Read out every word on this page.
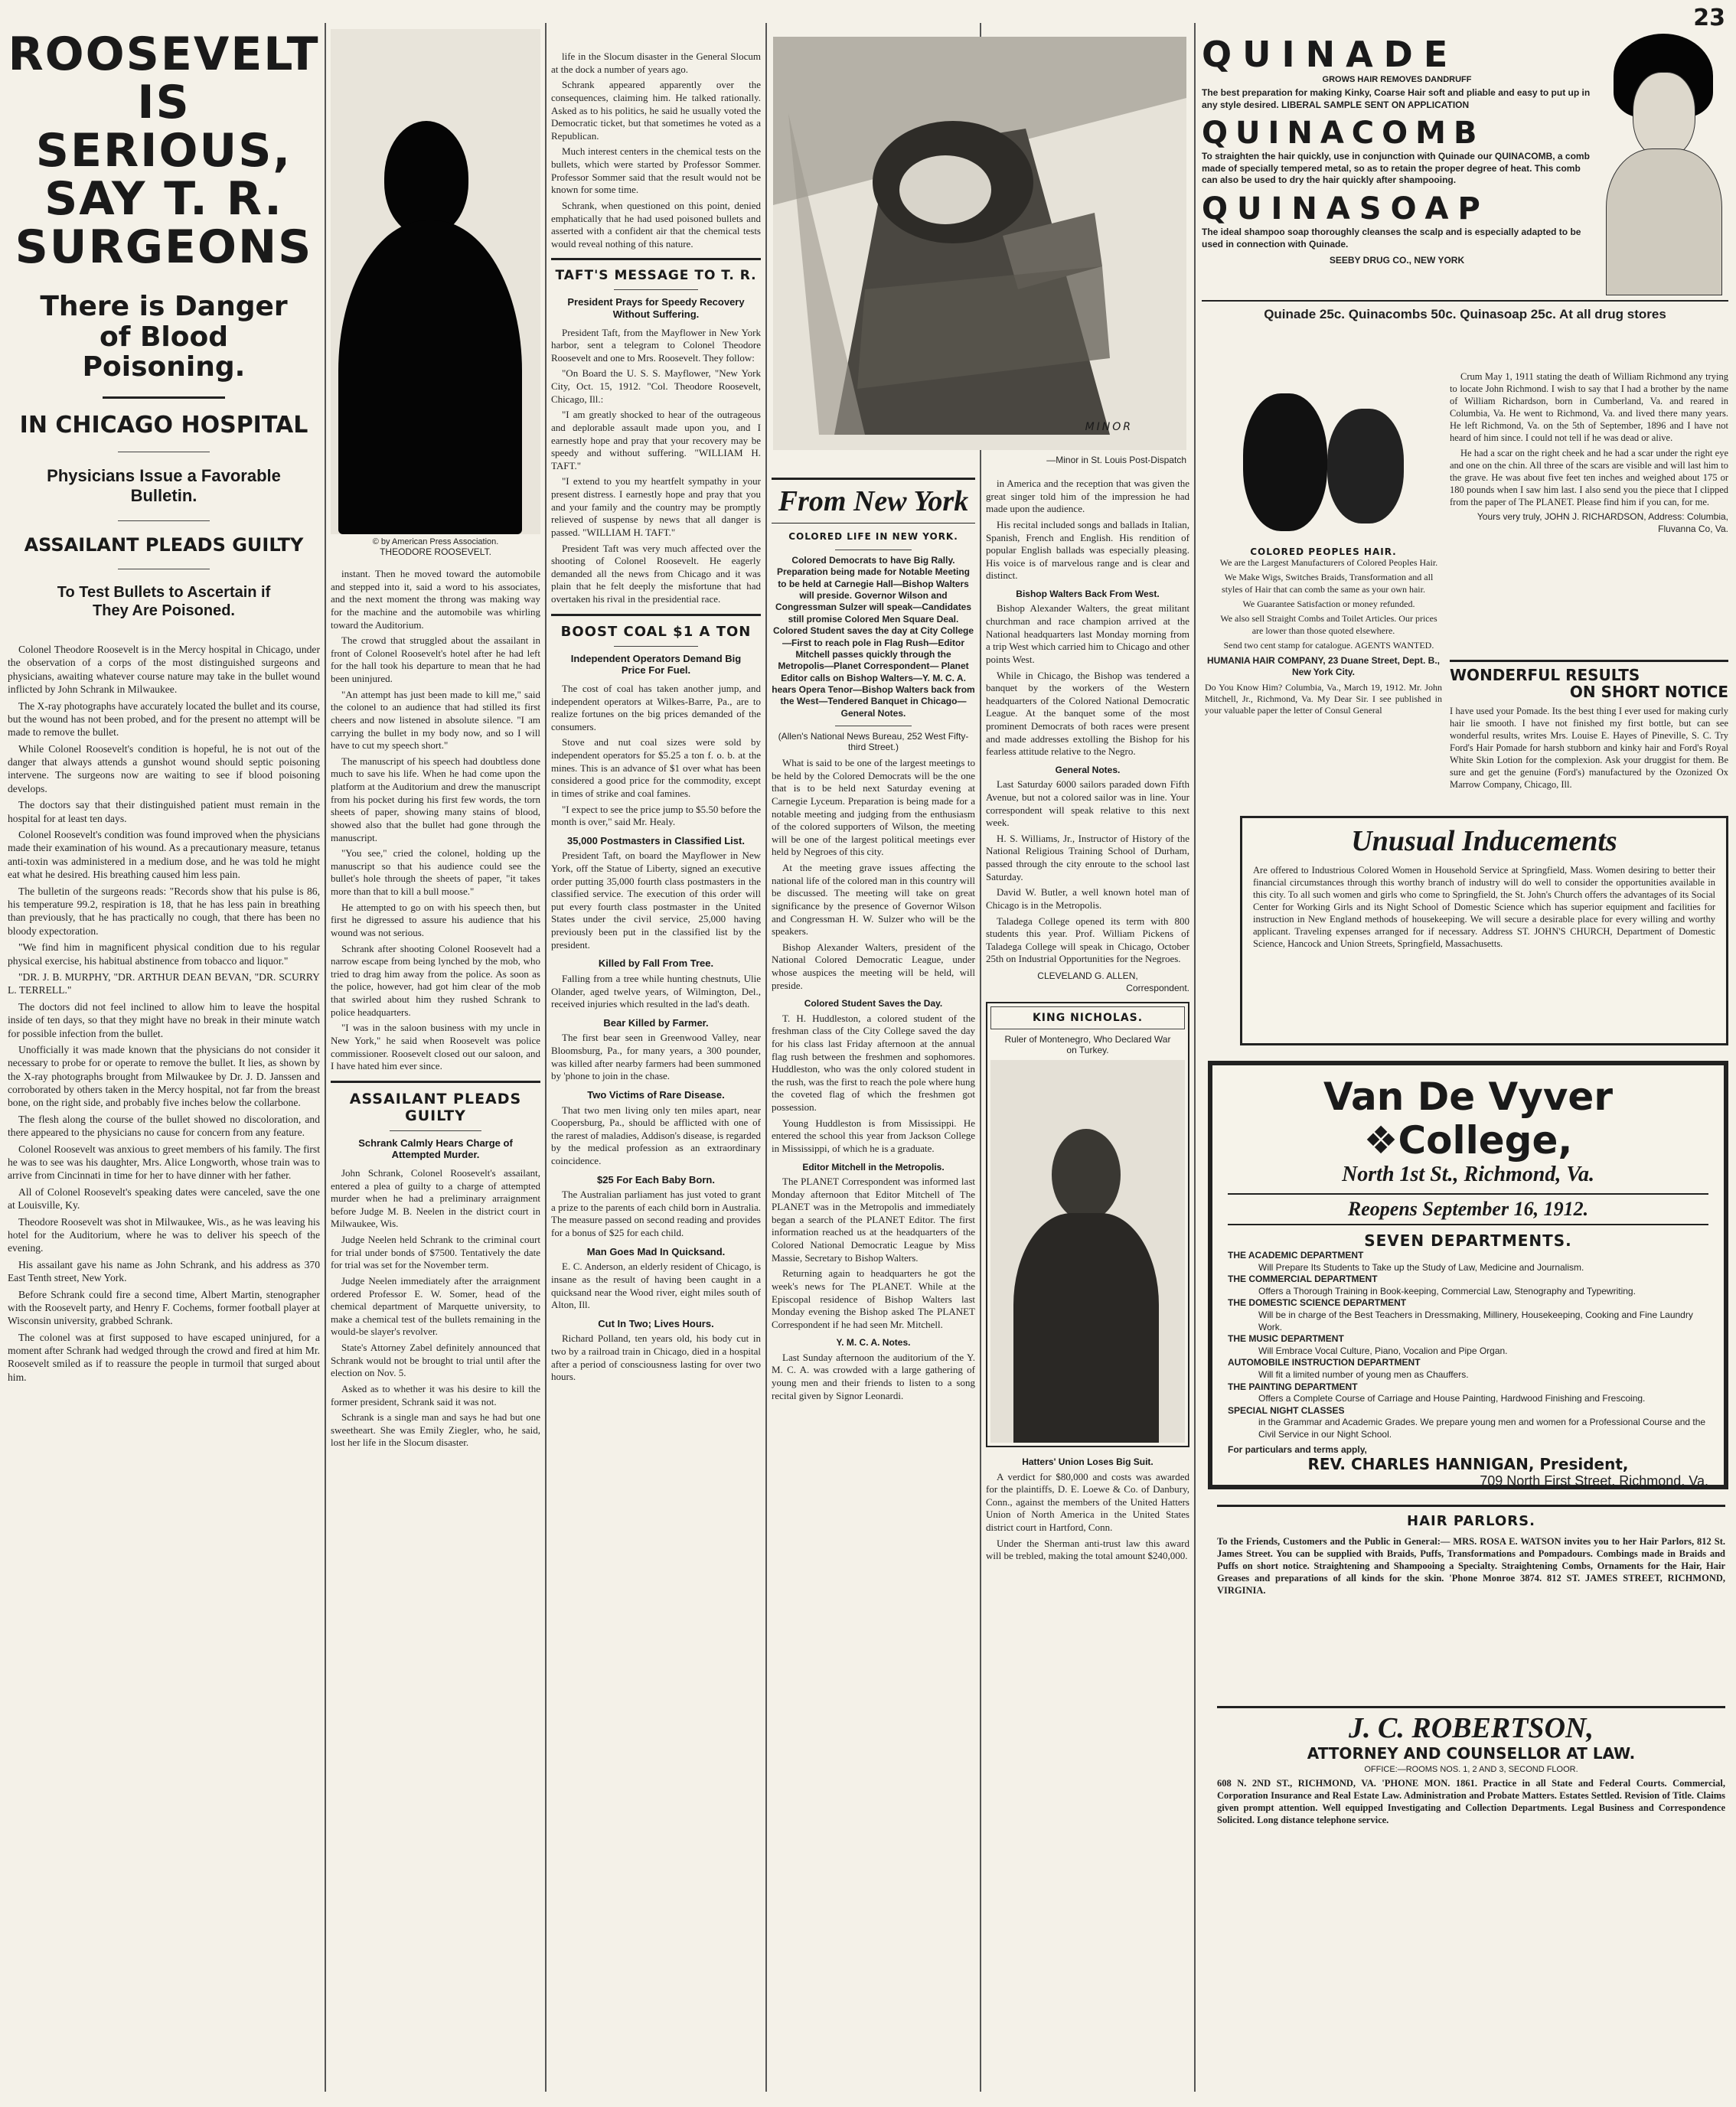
23
ROOSEVELT IS SERIOUS, SAY T. R. SURGEONS
There is Danger of Blood Poisoning.
IN CHICAGO HOSPITAL
Physicians Issue a Favorable Bulletin.
ASSAILANT PLEADS GUILTY
To Test Bullets to Ascertain if They Are Poisoned.

Colonel Theodore Roosevelt is in the Mercy hospital in Chicago, under the observation of a corps of the most distinguished surgeons and physicians, awaiting whatever course nature may take in the bullet wound inflicted by John Schrank in Milwaukee.

The X-ray photographs have accurately located the bullet and its course, but the wound has not been probed, and for the present no attempt will be made to remove the bullet.

While Colonel Roosevelt's condition is hopeful, he is not out of the danger that always attends a gunshot wound should septic poisoning intervene. The surgeons now are waiting to see if blood poisoning develops.

The doctors say that their distinguished patient must remain in the hospital for at least ten days.

Colonel Roosevelt's condition was found improved when the physicians made their examination of his wound. As a precautionary measure, tetanus anti-toxin was administered in a medium dose, and he was told he might eat what he desired. His breathing caused him less pain.

The bulletin of the surgeons reads: "Records show that his pulse is 86, his temperature 99.2, respiration is 18, that he has less pain in breathing than previously, that he has practically no cough, that there has been no bloody expectoration.

"We find him in magnificent physical condition due to his regular physical exercise, his habitual abstinence from tobacco and liquor."

"DR. J. B. MURPHY, "DR. ARTHUR DEAN BEVAN, "DR. SCURRY L. TERRELL."

The doctors did not feel inclined to allow him to leave the hospital inside of ten days, so that they might have no break in their minute watch for possible infection from the bullet.

Unofficially it was made known that the physicians do not consider it necessary to probe for or operate to remove the bullet. It lies, as shown by the X-ray photographs brought from Milwaukee by Dr. J. D. Janssen and corroborated by others taken in the Mercy hospital, not far from the breast bone, on the right side, and probably five inches below the collarbone.

The flesh along the course of the bullet showed no discoloration, and there appeared to the physicians no cause for concern from any feature.

Colonel Roosevelt was anxious to greet members of his family. The first he was to see was his daughter, Mrs. Alice Longworth, whose train was to arrive from Cincinnati in time for her to have dinner with her father.

All of Colonel Roosevelt's speaking dates were canceled, save the one at Louisville, Ky.

Theodore Roosevelt was shot in Milwaukee, Wis., as he was leaving his hotel for the Auditorium, where he was to deliver his speech of the evening.

His assailant gave his name as John Schrank, and his address as 370 East Tenth street, New York.

Before Schrank could fire a second time, Albert Martin, stenographer with the Roosevelt party, and Henry F. Cochems, former football player at Wisconsin university, grabbed Schrank.

The colonel was at first supposed to have escaped uninjured, for a moment after Schrank had wedged through the crowd and fired at him Mr. Roosevelt smiled as if to reassure the people in turmoil that surged about him.

© by American Press Association.
THEODORE ROOSEVELT.

instant. Then he moved toward the automobile and stepped into it, said a word to his associates, and the next moment the throng was making way for the machine and the automobile was whirling toward the Auditorium.

The crowd that struggled about the assailant in front of Colonel Roosevelt's hotel after he had left for the hall took his departure to mean that he had been uninjured.

"An attempt has just been made to kill me," said the colonel to an audience that had stilled its first cheers and now listened in absolute silence. "I am carrying the bullet in my body now, and so I will have to cut my speech short."

The manuscript of his speech had doubtless done much to save his life. When he had come upon the platform at the Auditorium and drew the manuscript from his pocket during his first few words, the torn sheets of paper, showing many stains of blood, showed also that the bullet had gone through the manuscript.

"You see," cried the colonel, holding up the manuscript so that his audience could see the bullet's hole through the sheets of paper, "it takes more than that to kill a bull moose."

He attempted to go on with his speech then, but first he digressed to assure his audience that his wound was not serious.

Schrank after shooting Colonel Roosevelt had a narrow escape from being lynched by the mob, who tried to drag him away from the police. As soon as the police, however, had got him clear of the mob that swirled about him they rushed Schrank to police headquarters.

"I was in the saloon business with my uncle in New York," he said when Roosevelt was police commissioner. Roosevelt closed out our saloon, and I have hated him ever since.

ASSAILANT PLEADS GUILTY
Schrank Calmly Hears Charge of Attempted Murder.

John Schrank, Colonel Roosevelt's assailant, entered a plea of guilty to a charge of attempted murder when he had a preliminary arraignment before Judge M. B. Neelen in the district court in Milwaukee, Wis.

Judge Neelen held Schrank to the criminal court for trial under bonds of $7500. Tentatively the date for trial was set for the November term.

Judge Neelen immediately after the arraignment ordered Professor E. W. Somer, head of the chemical department of Marquette university, to make a chemical test of the bullets remaining in the would-be slayer's revolver.

State's Attorney Zabel definitely announced that Schrank would not be brought to trial until after the election on Nov. 5.

Asked as to whether it was his desire to kill the former president, Schrank said it was not.

Schrank is a single man and says he had but one sweetheart. She was Emily Ziegler, who, he said, lost her life in the Slocum disaster.

life in the Slocum disaster in the General Slocum at the dock a number of years ago.

Schrank appeared apparently over the consequences, claiming him. He talked rationally. Asked as to his politics, he said he usually voted the Democratic ticket, but that sometimes he voted as a Republican.

Much interest centers in the chemical tests on the bullets, which were started by Professor Sommer. Professor Sommer said that the result would not be known for some time.

Schrank, when questioned on this point, denied emphatically that he had used poisoned bullets and asserted with a confident air that the chemical tests would reveal nothing of this nature.

TAFT'S MESSAGE TO T. R.
President Prays for Speedy Recovery Without Suffering.

President Taft, from the Mayflower in New York harbor, sent a telegram to Colonel Theodore Roosevelt and one to Mrs. Roosevelt. They follow:

"On Board the U. S. S. Mayflower, "New York City, Oct. 15, 1912. "Col. Theodore Roosevelt, Chicago, Ill.:

"I am greatly shocked to hear of the outrageous and deplorable assault made upon you, and I earnestly hope and pray that your recovery may be speedy and without suffering. "WILLIAM H. TAFT."

"I extend to you my heartfelt sympathy in your present distress. I earnestly hope and pray that you and your family and the country may be promptly relieved of suspense by news that all danger is passed. "WILLIAM H. TAFT."

President Taft was very much affected over the shooting of Colonel Roosevelt. He eagerly demanded all the news from Chicago and it was plain that he felt deeply the misfortune that had overtaken his rival in the presidential race.

BOOST COAL $1 A TON
Independent Operators Demand Big Price For Fuel.

The cost of coal has taken another jump, and independent operators at Wilkes-Barre, Pa., are to realize fortunes on the big prices demanded of the consumers.

Stove and nut coal sizes were sold by independent operators for $5.25 a ton f. o. b. at the mines. This is an advance of $1 over what has been considered a good price for the commodity, except in times of strike and coal famines.

"I expect to see the price jump to $5.50 before the month is over," said Mr. Healy.

35,000 Postmasters in Classified List.

President Taft, on board the Mayflower in New York, off the Statue of Liberty, signed an executive order putting 35,000 fourth class postmasters in the classified service. The execution of this order will put every fourth class postmaster in the United States under the civil service, 25,000 having previously been put in the classified list by the president.

Killed by Fall From Tree.

Falling from a tree while hunting chestnuts, Ulie Olander, aged twelve years, of Wilmington, Del., received injuries which resulted in the lad's death.

Bear Killed by Farmer.

The first bear seen in Greenwood Valley, near Bloomsburg, Pa., for many years, a 300 pounder, was killed after nearby farmers had been summoned by 'phone to join in the chase.

Two Victims of Rare Disease.

That two men living only ten miles apart, near Coopersburg, Pa., should be afflicted with one of the rarest of maladies, Addison's disease, is regarded by the medical profession as an extraordinary coincidence.

$25 For Each Baby Born.

The Australian parliament has just voted to grant a prize to the parents of each child born in Australia. The measure passed on second reading and provides for a bonus of $25 for each child.

Man Goes Mad In Quicksand.

E. C. Anderson, an elderly resident of Chicago, is insane as the result of having been caught in a quicksand near the Wood river, eight miles south of Alton, Ill.

Cut In Two; Lives Hours.

Richard Polland, ten years old, his body cut in two by a railroad train in Chicago, died in a hospital after a period of consciousness lasting for over two hours.

MINOR
—Minor in St. Louis Post-Dispatch
From New York
COLORED LIFE IN NEW YORK.
Colored Democrats to have Big Rally. Preparation being made for Notable Meeting to be held at Carnegie Hall—Bishop Walters will preside. Governor Wilson and Congressman Sulzer will speak—Candidates still promise Colored Men Square Deal. Colored Student saves the day at City College—First to reach pole in Flag Rush—Editor Mitchell passes quickly through the Metropolis—Planet Correspondent— Planet Editor calls on Bishop Walters—Y. M. C. A. hears Opera Tenor—Bishop Walters back from the West—Tendered Banquet in Chicago—General Notes.
(Allen's National News Bureau, 252 West Fifty-third Street.)

What is said to be one of the largest meetings to be held by the Colored Democrats will be the one that is to be held next Saturday evening at Carnegie Lyceum. Preparation is being made for a notable meeting and judging from the enthusiasm of the colored supporters of Wilson, the meeting will be one of the largest political meetings ever held by Negroes of this city.

At the meeting grave issues affecting the national life of the colored man in this country will be discussed. The meeting will take on great significance by the presence of Governor Wilson and Congressman H. W. Sulzer who will be the speakers.

Bishop Alexander Walters, president of the National Colored Democratic League, under whose auspices the meeting will be held, will preside.

Colored Student Saves the Day.

T. H. Huddleston, a colored student of the freshman class of the City College saved the day for his class last Friday afternoon at the annual flag rush between the freshmen and sophomores. Huddleston, who was the only colored student in the rush, was the first to reach the pole where hung the coveted flag of which the freshmen got possession.

Young Huddleston is from Mississippi. He entered the school this year from Jackson College in Mississippi, of which he is a graduate.

Editor Mitchell in the Metropolis.

The PLANET Correspondent was informed last Monday afternoon that Editor Mitchell of The PLANET was in the Metropolis and immediately began a search of the PLANET Editor. The first information reached us at the headquarters of the Colored National Democratic League by Miss Massie, Secretary to Bishop Walters.

Returning again to headquarters he got the week's news for The PLANET. While at the Episcopal residence of Bishop Walters last Monday evening the Bishop asked The PLANET Correspondent if he had seen Mr. Mitchell.

Y. M. C. A. Notes.

Last Sunday afternoon the auditorium of the Y. M. C. A. was crowded with a large gathering of young men and their friends to listen to a song recital given by Signor Leonardi.

in America and the reception that was given the great singer told him of the impression he had made upon the audience.

His recital included songs and ballads in Italian, Spanish, French and English. His rendition of popular English ballads was especially pleasing. His voice is of marvelous range and is clear and distinct.

Bishop Walters Back From West.

Bishop Alexander Walters, the great militant churchman and race champion arrived at the National headquarters last Monday morning from a trip West which carried him to Chicago and other points West.

While in Chicago, the Bishop was tendered a banquet by the workers of the Western headquarters of the Colored National Democratic League. At the banquet some of the most prominent Democrats of both races were present and made addresses extolling the Bishop for his fearless attitude relative to the Negro.

General Notes.

Last Saturday 6000 sailors paraded down Fifth Avenue, but not a colored sailor was in line. Your correspondent will speak relative to this next week.

H. S. Williams, Jr., Instructor of History of the National Religious Training School of Durham, passed through the city enroute to the school last Saturday.

David W. Butler, a well known hotel man of Chicago is in the Metropolis.

Taladega College opened its term with 800 students this year. Prof. William Pickens of Taladega College will speak in Chicago, October 25th on Industrial Opportunities for the Negroes.

CLEVELAND G. ALLEN,
Correspondent.
KING NICHOLAS.
Ruler of Montenegro, Who Declared War on Turkey.
Hatters' Union Loses Big Suit.

A verdict for $80,000 and costs was awarded for the plaintiffs, D. E. Loewe & Co. of Danbury, Conn., against the members of the United Hatters Union of North America in the United States district court in Hartford, Conn.

Under the Sherman anti-trust law this award will be trebled, making the total amount $240,000.

QUINADE
GROWS HAIR REMOVES DANDRUFF
The best preparation for making Kinky, Coarse Hair soft and pliable and easy to put up in any style desired. LIBERAL SAMPLE SENT ON APPLICATION
QUINACOMB
To straighten the hair quickly, use in conjunction with Quinade our QUINACOMB, a comb made of specially tempered metal, so as to retain the proper degree of heat. This comb can also be used to dry the hair quickly after shampooing.
QUINASOAP
The ideal shampoo soap thoroughly cleanses the scalp and is especially adapted to be used in connection with Quinade.
SEEBY DRUG CO., NEW YORK
Quinade 25c. Quinacombs 50c. Quinasoap 25c. At all drug stores
COLORED PEOPLES HAIR.

We are the Largest Manufacturers of Colored Peoples Hair.

We Make Wigs, Switches Braids, Transformation and all styles of Hair that can comb the same as your own hair.

We Guarantee Satisfaction or money refunded.

We also sell Straight Combs and Toilet Articles. Our prices are lower than those quoted elsewhere.

Send two cent stamp for catalogue. AGENTS WANTED.

HUMANIA HAIR COMPANY, 23 Duane Street, Dept. B., New York City.
Do You Know Him? Columbia, Va., March 19, 1912. Mr. John Mitchell, Jr., Richmond, Va. My Dear Sir. I see published in your valuable paper the letter of Consul General

Crum May 1, 1911 stating the death of William Richmond any trying to locate John Richmond. I wish to say that I had a brother by the name of William Richardson, born in Cumberland, Va. and reared in Columbia, Va. He went to Richmond, Va. and lived there many years. He left Richmond, Va. on the 5th of September, 1896 and I have not heard of him since. I could not tell if he was dead or alive.

He had a scar on the right cheek and he had a scar under the right eye and one on the chin. All three of the scars are visible and will last him to the grave. He was about five feet ten inches and weighed about 175 or 180 pounds when I saw him last. I also send you the piece that I clipped from the paper of The PLANET. Please find him if you can, for me.

Yours very truly, JOHN J. RICHARDSON, Address: Columbia, Fluvanna Co, Va.
WONDERFUL RESULTS
ON SHORT NOTICE
I have used your Pomade. Its the best thing I ever used for making curly hair lie smooth. I have not finished my first bottle, but can see wonderful results, writes Mrs. Louise E. Hayes of Pineville, S. C. Try Ford's Hair Pomade for harsh stubborn and kinky hair and Ford's Royal White Skin Lotion for the complexion. Ask your druggist for them. Be sure and get the genuine (Ford's) manufactured by the Ozonized Ox Marrow Company, Chicago, Ill.
Unusual Inducements
Are offered to Industrious Colored Women in Household Service at Springfield, Mass. Women desiring to better their financial circumstances through this worthy branch of industry will do well to consider the opportunities available in this city. To all such women and girls who come to Springfield, the St. John's Church offers the advantages of its Social Center for Working Girls and its Night School of Domestic Science which has superior equipment and facilities for instruction in New England methods of housekeeping. We will secure a desirable place for every willing and worthy applicant. Traveling expenses arranged for if necessary. Address ST. JOHN'S CHURCH, Department of Domestic Science, Hancock and Union Streets, Springfield, Massachusetts.
Van De Vyver
❖College,
North 1st St., Richmond, Va.
Reopens September 16, 1912.
SEVEN DEPARTMENTS.
THE ACADEMIC DEPARTMENT
Will Prepare Its Students to Take up the Study of Law, Medicine and Journalism.
THE COMMERCIAL DEPARTMENT
Offers a Thorough Training in Book-keeping, Commercial Law, Stenography and Typewriting.
THE DOMESTIC SCIENCE DEPARTMENT
Will be in charge of the Best Teachers in Dressmaking, Millinery, Housekeeping, Cooking and Fine Laundry Work.
THE MUSIC DEPARTMENT
Will Embrace Vocal Culture, Piano, Vocalion and Pipe Organ.
AUTOMOBILE INSTRUCTION DEPARTMENT
Will fit a limited number of young men as Chauffers.
THE PAINTING DEPARTMENT
Offers a Complete Course of Carriage and House Painting, Hardwood Finishing and Frescoing.
SPECIAL NIGHT CLASSES
in the Grammar and Academic Grades. We prepare young men and women for a Professional Course and the Civil Service in our Night School.
For particulars and terms apply,
REV. CHARLES HANNIGAN, President,
709 North First Street, Richmond, Va.
HAIR PARLORS.
To the Friends, Customers and the Public in General:— MRS. ROSA E. WATSON invites you to her Hair Parlors, 812 St. James Street. You can be supplied with Braids, Puffs, Transformations and Pompadours. Combings made in Braids and Puffs on short notice. Straightening and Shampooing a Specialty. Straightening Combs, Ornaments for the Hair, Hair Greases and preparations of all kinds for the skin. 'Phone Monroe 3874. 812 ST. JAMES STREET, RICHMOND, VIRGINIA.
J. C. ROBERTSON,
ATTORNEY AND COUNSELLOR AT LAW.
OFFICE:—ROOMS NOS. 1, 2 AND 3, SECOND FLOOR.
608 N. 2ND ST., RICHMOND, VA. 'PHONE MON. 1861. Practice in all State and Federal Courts. Commercial, Corporation Insurance and Real Estate Law. Administration and Probate Matters. Estates Settled. Revision of Title. Claims given prompt attention. Well equipped Investigating and Collection Departments. Legal Business and Correspondence Solicited. Long distance telephone service.
